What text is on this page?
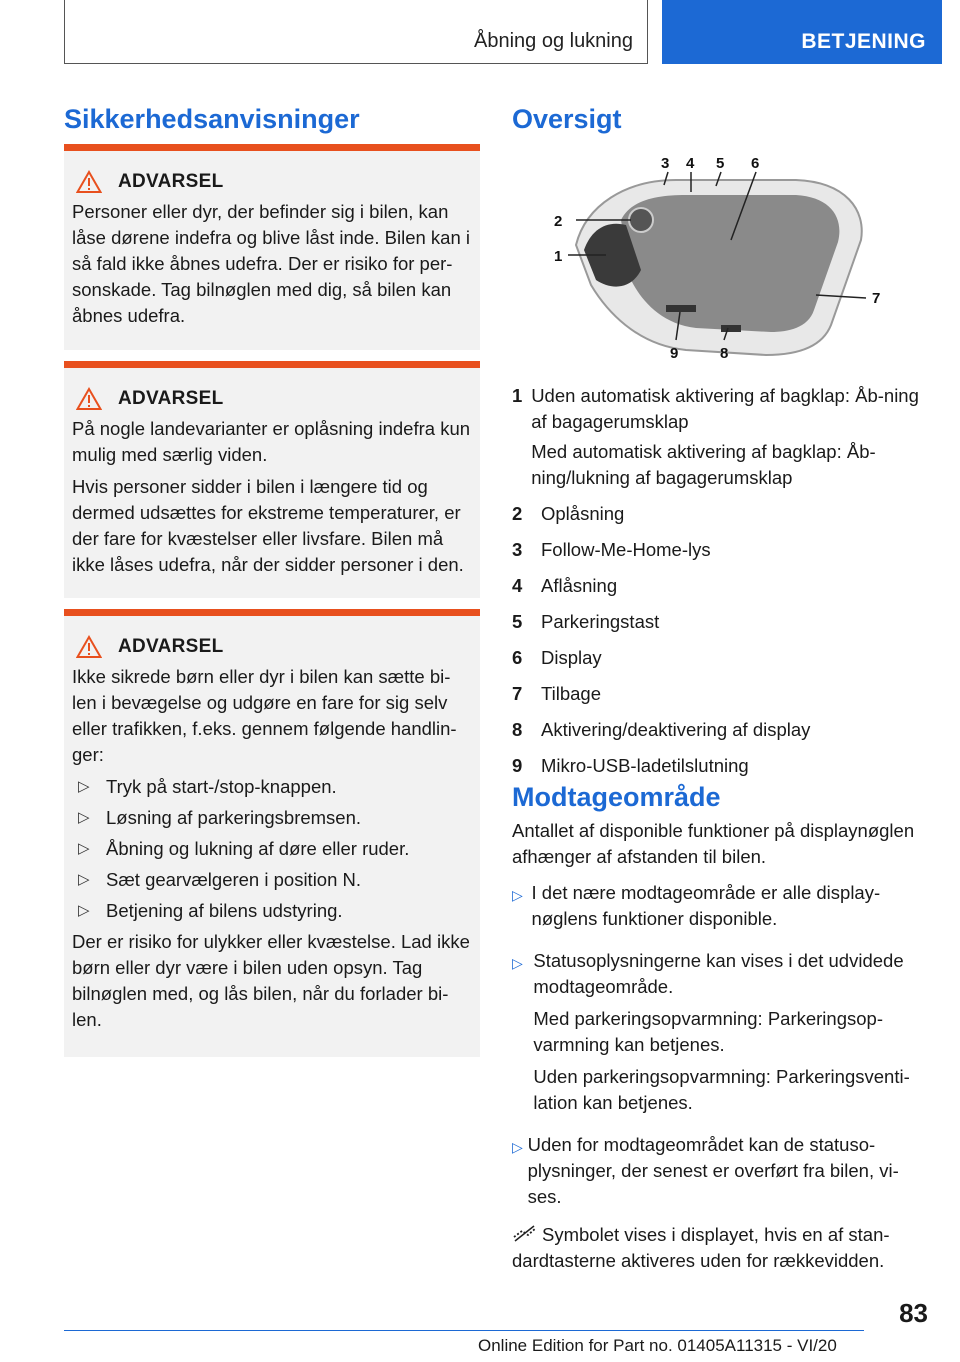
Åbning og lukning	BETJENING
Sikkerhedsanvisninger
ADVARSEL

Personer eller dyr, der befinder sig i bilen, kan låse dørene indefra og blive låst inde. Bilen kan i så fald ikke åbnes udefra. Der er risiko for per-sonskade. Tag bilnøglen med dig, så bilen kan åbnes udefra.

ADVARSEL

På nogle landevarianter er oplåsning indefra kun mulig med særlig viden.

Hvis personer sidder i bilen i længere tid og dermed udsættes for ekstreme temperaturer, er der fare for kvæstelser eller livsfare. Bilen må ikke låses udefra, når der sidder personer i den.

ADVARSEL

Ikke sikrede børn eller dyr i bilen kan sætte bi-len i bevægelse og udgøre en fare for sig selv eller trafikken, f.eks. gennem følgende handlin-ger:

▷ Tryk på start-/stop-knappen.
▷ Løsning af parkeringsbremsen.
▷ Åbning og lukning af døre eller ruder.
▷ Sæt gearvælgeren i position N.
▷ Betjening af bilens udstyring.

Der er risiko for ulykker eller kvæstelse. Lad ikke børn eller dyr være i bilen uden opsyn. Tag bilnøglen med, og lås bilen, når du forlader bi-len.

Oversigt
3 4 5 6
2
1
7
8
9
1 Uden automatisk aktivering af bagklap: Åb-ning af bagagerumsklap

Med automatisk aktivering af bagklap: Åb-ning/lukning af bagagerumsklap

2	Oplåsning

3	Follow-Me-Home-lys

4	Aflåsning

5	Parkeringstast

6	Display

7	Tilbage

8	Aktivering/deaktivering af display

9	Mikro-USB-ladetilslutning

Modtageområde

Antallet af disponible funktioner på displaynøglen afhænger af afstanden til bilen.

▷ I det nære modtageområde er alle display-nøglens funktioner disponible.

▷ Statusoplysningerne kan vises i det udvidede modtageområde.

Med parkeringsopvarmning: Parkeringsop-varmning kan betjenes.

Uden parkeringsopvarmning: Parkeringsventi-lation kan betjenes.

▷ Uden for modtageområdet kan de statuso-plysninger, der senest er overført fra bilen, vi-ses.

Symbolet vises i displayet, hvis en af stan-dardtasterne aktiveres uden for rækkevidden.

83
Online Edition for Part no. 01405A11315 - VI/20
